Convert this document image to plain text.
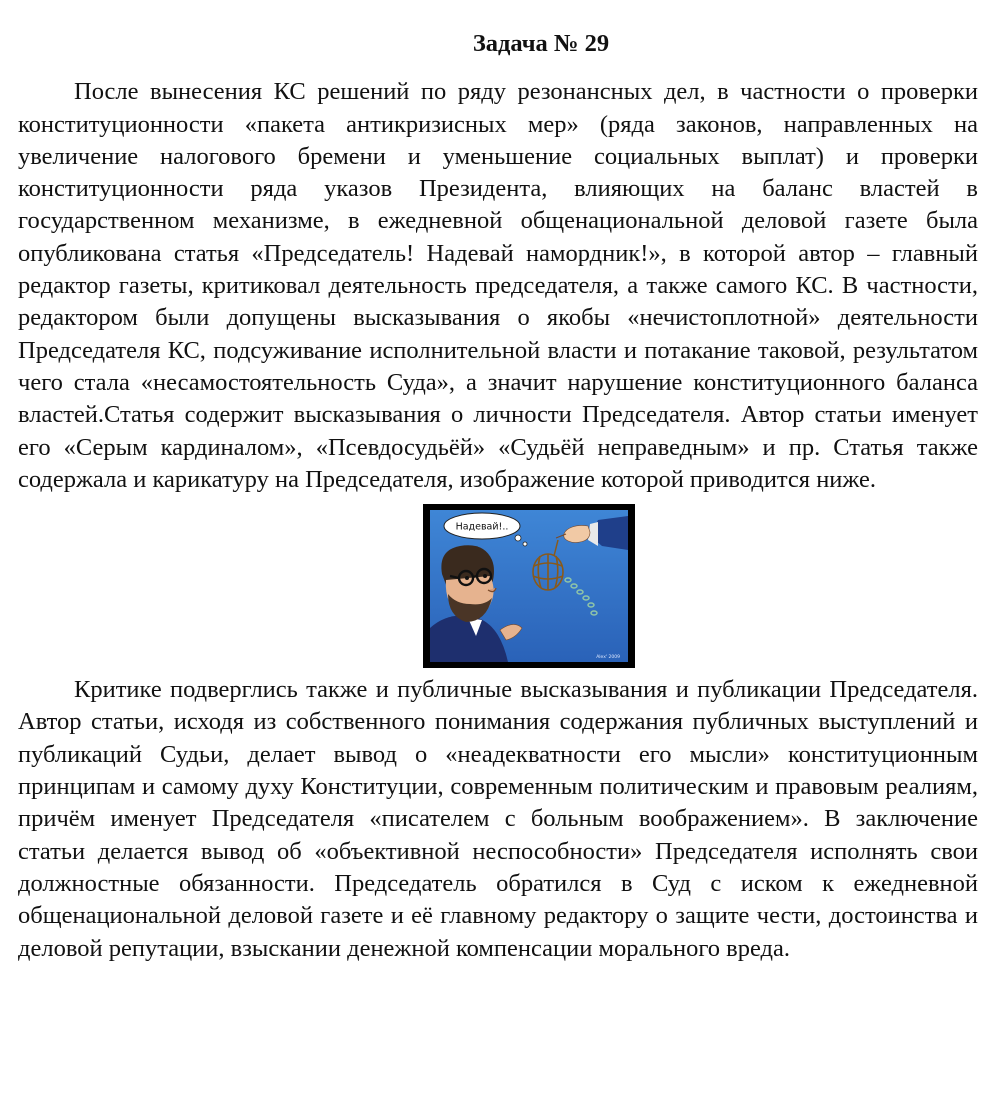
Задача № 29

После вынесения КС решений по ряду резонансных дел, в частности о проверки конституционности «пакета антикризисных мер» (ряда законов, направленных на увеличение налогового бремени и уменьшение социальных выплат) и проверки конституционности ряда указов Президента, влияющих на баланс властей в государственном механизме, в ежедневной общенациональной деловой газете была опубликована статья «Председатель! Надевай намордник!», в которой автор – главный редактор газеты, критиковал деятельность председателя, а также самого КС. В частности, редактором были допущены высказывания о якобы «нечистоплотной» деятельности Председателя КС, подсуживание исполнительной власти и потакание таковой, результатом чего стала «несамостоятельность Суда», а значит нарушение конституционного баланса властей.Статья содержит высказывания о личности Председателя. Автор статьи именует его «Серым кардиналом», «Псевдосудьёй» «Судьёй неправедным» и пр. Статья также содержала и карикатуру на Председателя, изображение которой приводится ниже.

Надевай!..
Alex' 2009

Критике подверглись также и публичные высказывания и публикации Председателя. Автор статьи, исходя из собственного понимания содержания публичных выступлений и публикаций Судьи, делает вывод о «неадекватности его мысли» конституционным принципам и самому духу Конституции, современным политическим и правовым реалиям, причём именует Председателя «писателем с больным воображением». В заключение статьи делается вывод об «объективной неспособности» Председателя исполнять свои должностные обязанности. Председатель обратился в Суд с иском к ежедневной общенациональной деловой газете и её главному редактору о защите чести, достоинства и деловой репутации, взыскании денежной компенсации морального вреда.
